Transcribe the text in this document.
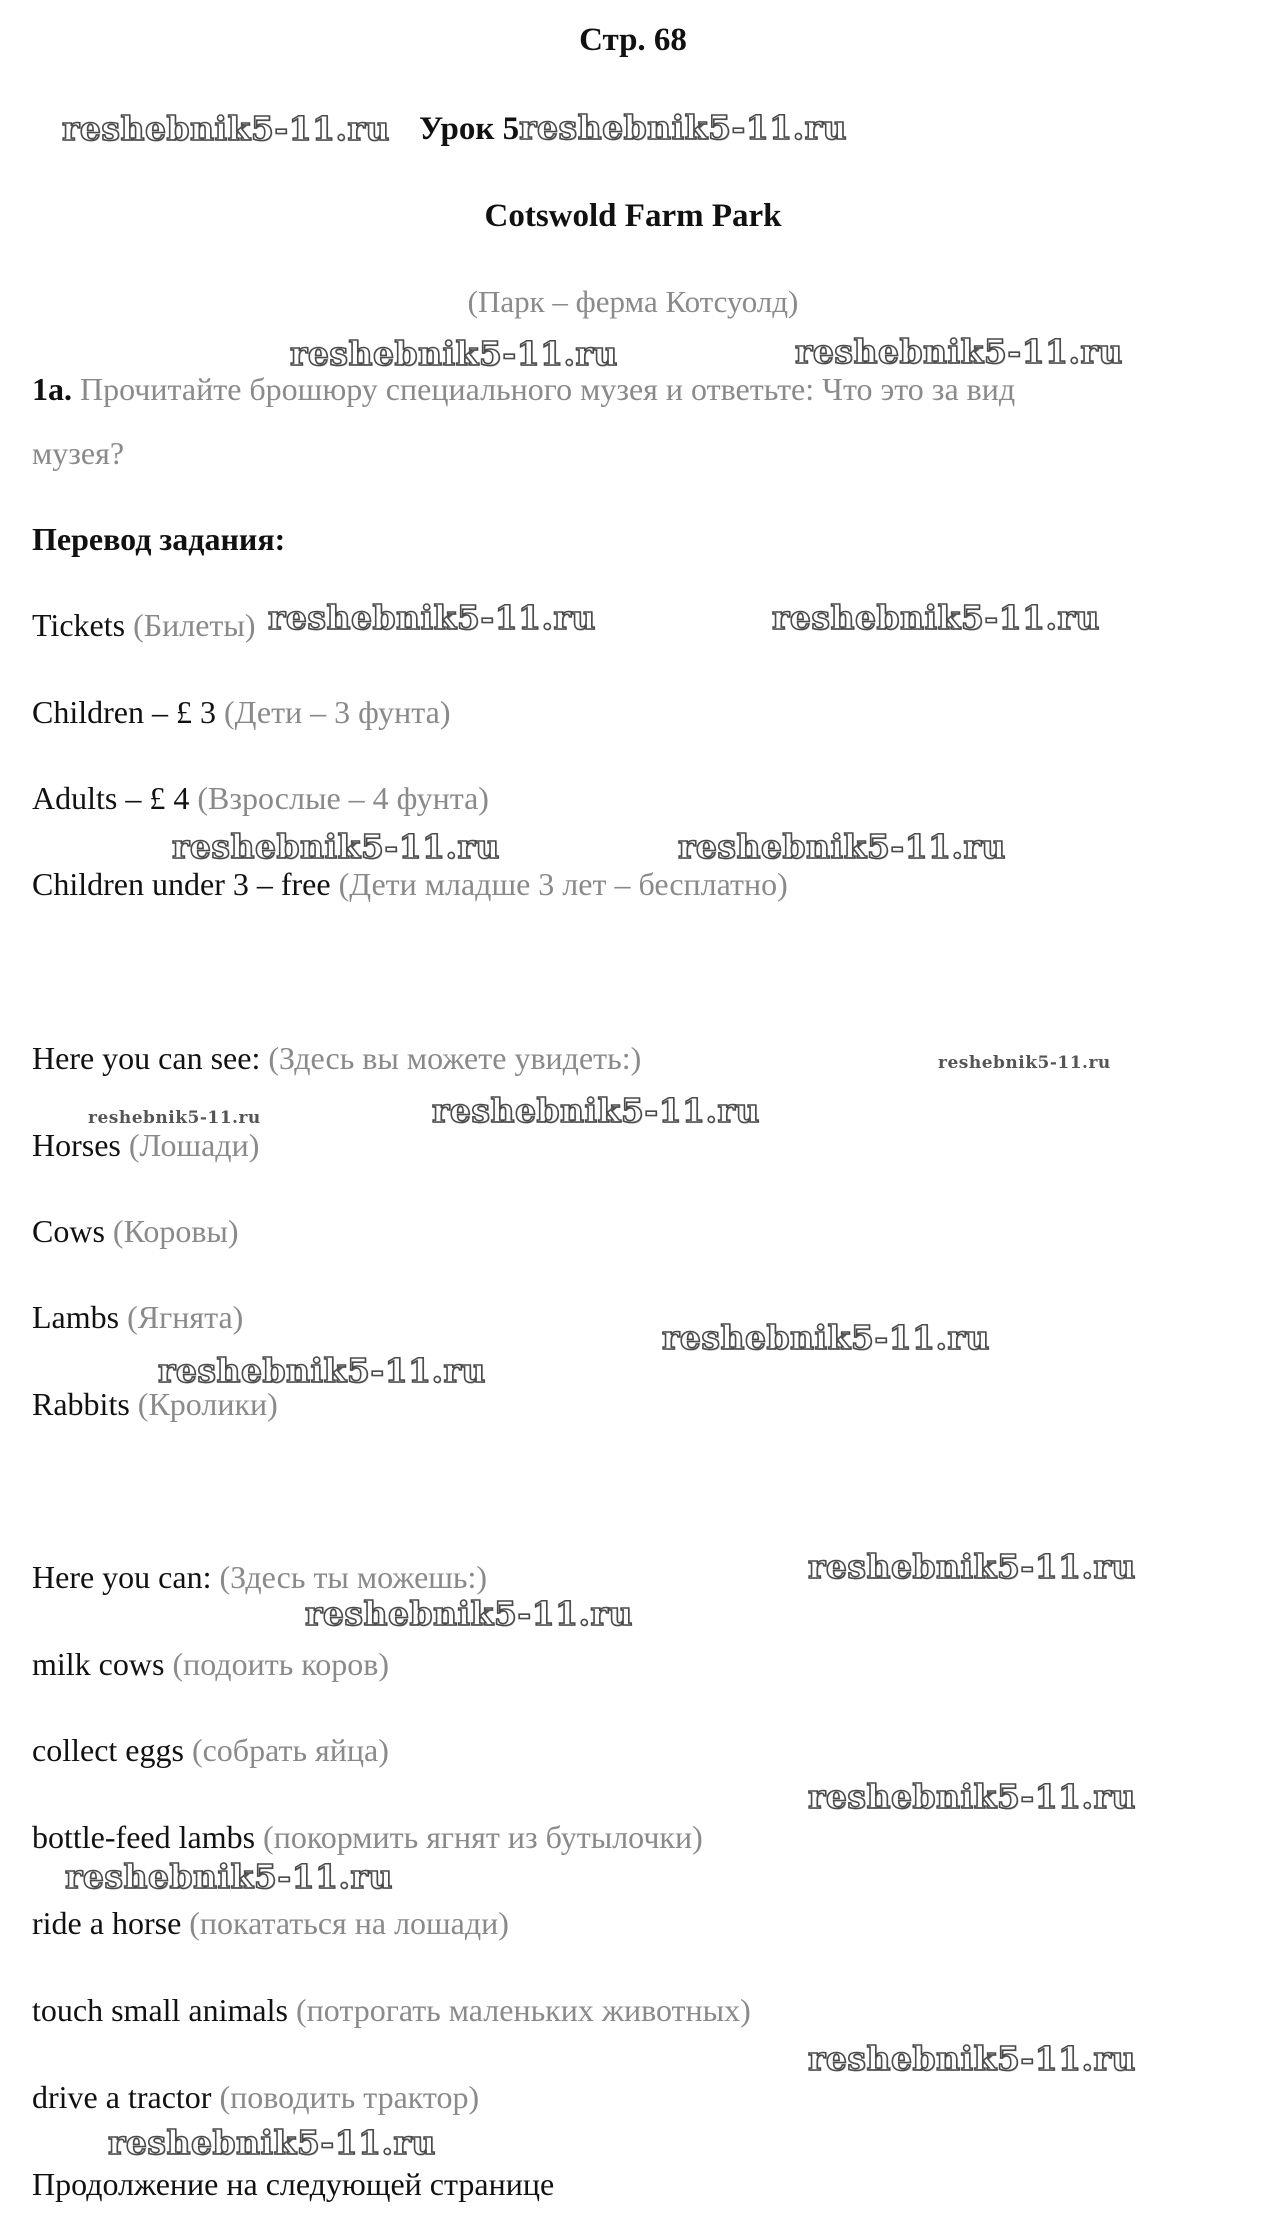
Стр. 68
Урок 5reshebnik5-11.ru
Cotswold Farm Park
(Парк – ферма Котсуолд)
1a. Прочитайте брошюру специального музея и ответьте: Что это за вид
музея?
Перевод задания:
Tickets (Билеты)
Children – £ 3 (Дети – 3 фунта)
Adults – £ 4 (Взрослые – 4 фунта)
Children under 3 – free (Дети младше 3 лет – бесплатно)
Here you can see: (Здесь вы можете увидеть:)
Horses (Лошади)
Cows (Коровы)
Lambs (Ягнята)
Rabbits (Кролики)
Here you can: (Здесь ты можешь:)
milk cows (подоить коров)
collect eggs (собрать яйца)
bottle-feed lambs (покормить ягнят из бутылочки)
ride a horse (покататься на лошади)
touch small animals (потрогать маленьких животных)
drive a tractor (поводить трактор)
Продолжение на следующей странице
reshebnik5-11.ru
reshebnik5-11.ru	reshebnik5-11.ru
reshebnik5-11.ru	reshebnik5-11.ru
reshebnik5-11.ru	reshebnik5-11.ru
reshebnik5-11.ru
reshebnik5-11.ru	reshebnik5-11.ru
reshebnik5-11.ru
reshebnik5-11.ru
reshebnik5-11.ru
reshebnik5-11.ru
reshebnik5-11.ru
reshebnik5-11.ru
reshebnik5-11.ru
reshebnik5-11.ru
